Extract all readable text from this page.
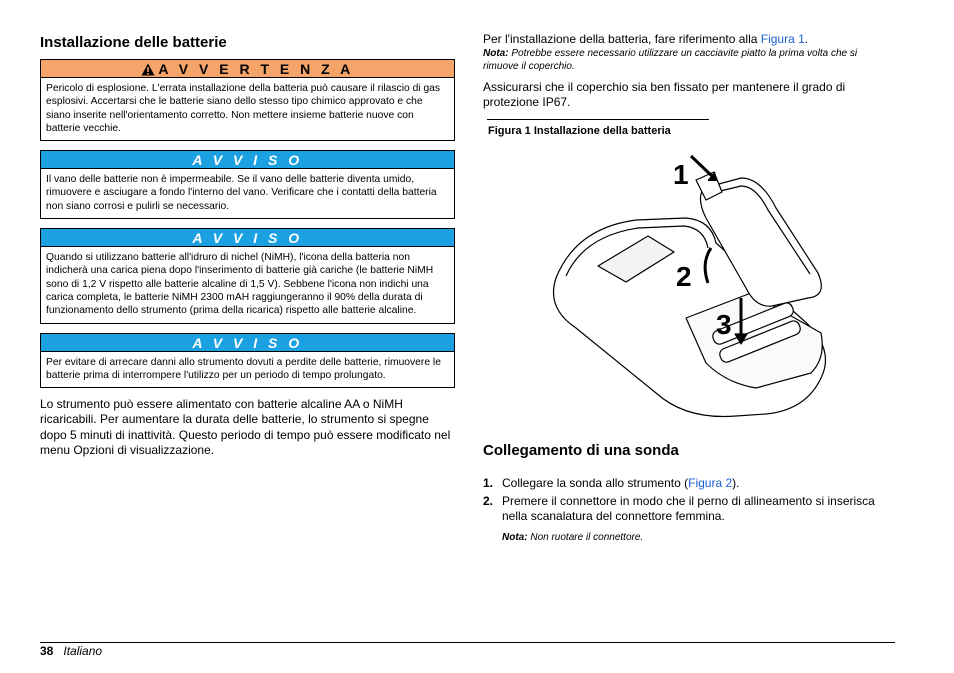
Installazione delle batterie
A V V E R T E N Z A
Pericolo di esplosione. L'errata installazione della batteria può causare il rilascio di gas esplosivi. Accertarsi che le batterie siano dello stesso tipo chimico approvato e che siano inserite nell'orientamento corretto. Non mettere insieme batterie nuove con batterie vecchie.
A V V I S O
Il vano delle batterie non è impermeabile. Se il vano delle batterie diventa umido, rimuovere e asciugare a fondo l'interno del vano. Verificare che i contatti della batteria non siano corrosi e pulirli se necessario.
A V V I S O
Quando si utilizzano batterie all'idruro di nichel (NiMH), l'icona della batteria non indicherà una carica piena dopo l'inserimento di batterie già cariche (le batterie NiMH sono di 1,2 V rispetto alle batterie alcaline di 1,5 V). Sebbene l'icona non indichi una carica completa, le batterie NiMH 2300 mAH raggiungeranno il 90% della durata di funzionamento dello strumento (prima della ricarica) rispetto alle batterie alcaline.
A V V I S O
Per evitare di arrecare danni allo strumento dovuti a perdite delle batterie, rimuovere le batterie prima di interrompere l'utilizzo per un periodo di tempo prolungato.

Lo strumento può essere alimentato con batterie alcaline AA o NiMH ricaricabili. Per aumentare la durata delle batterie, lo strumento si spegne dopo 5 minuti di inattività. Questo periodo di tempo può essere modificato nel menu Opzioni di visualizzazione.

Per l'installazione della batteria, fare riferimento alla Figura 1.

Nota: Potrebbe essere necessario utilizzare un cacciavite piatto la prima volta che si rimuove il coperchio.

Assicurarsi che il coperchio sia ben fissato per mantenere il grado di protezione IP67.

Figura 1 Installazione della batteria
Collegamento di una sonda
1. Collegare la sonda allo strumento (Figura 2).
2. Premere il connettore in modo che il perno di allineamento si inserisca nella scanalatura del connettore femmina.

Nota: Non ruotare il connettore.

1
2
3
38 Italiano
